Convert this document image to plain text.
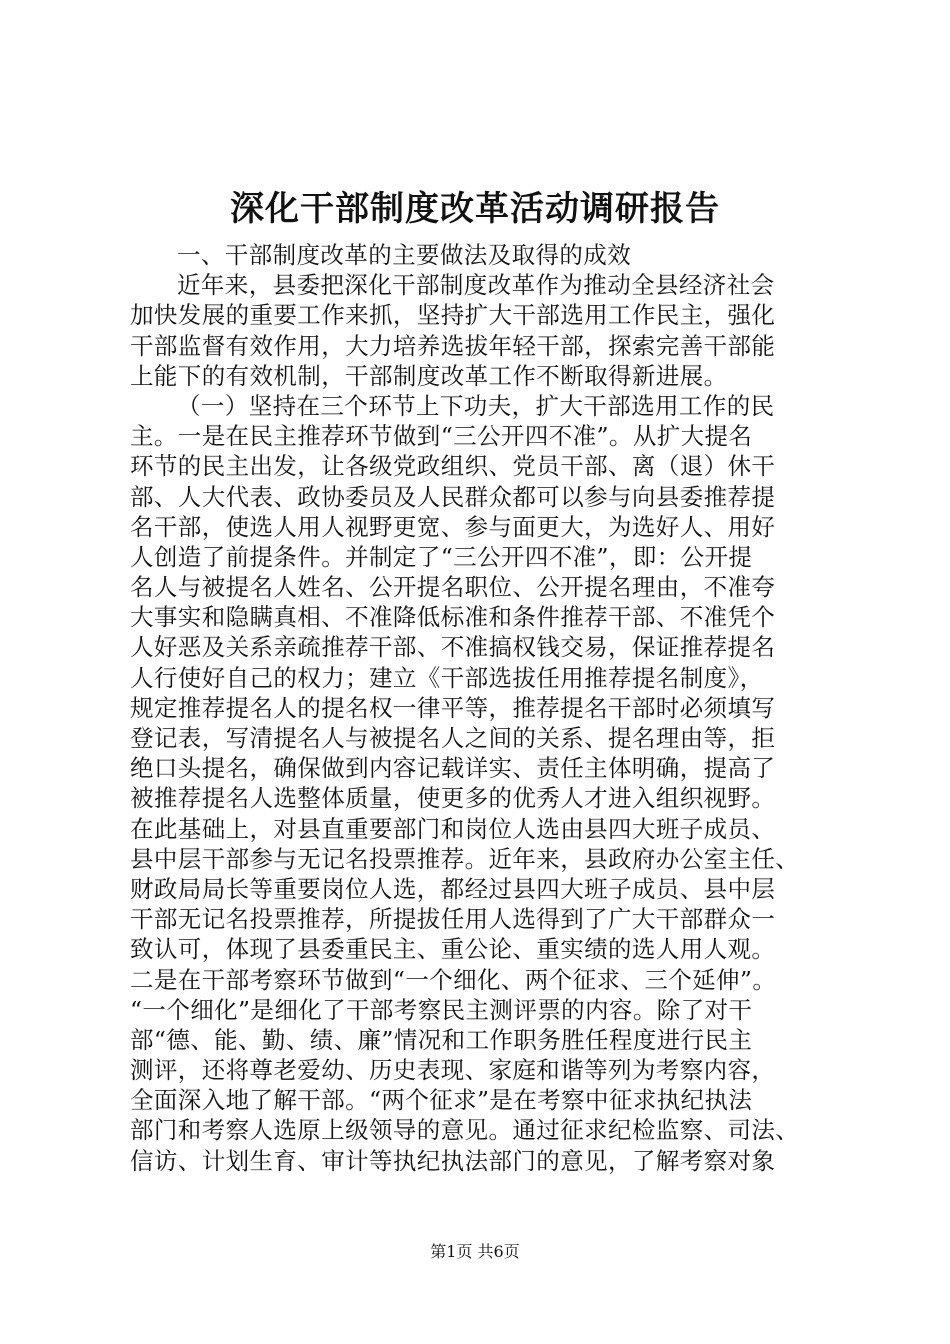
深化干部制度改革活动调研报告
一、干部制度改革的主要做法及取得的成效
近年来，县委把深化干部制度改革作为推动全县经济社会
加快发展的重要工作来抓，坚持扩大干部选用工作民主，强化
干部监督有效作用，大力培养选拔年轻干部，探索完善干部能
上能下的有效机制，干部制度改革工作不断取得新进展。
（一）坚持在三个环节上下功夫，扩大干部选用工作的民
主。一是在民主推荐环节做到“三公开四不准”。从扩大提名
环节的民主出发，让各级党政组织、党员干部、离（退）休干
部、人大代表、政协委员及人民群众都可以参与向县委推荐提
名干部，使选人用人视野更宽、参与面更大，为选好人、用好
人创造了前提条件。并制定了“三公开四不准”，即：公开提
名人与被提名人姓名、公开提名职位、公开提名理由，不准夸
大事实和隐瞒真相、不准降低标准和条件推荐干部、不准凭个
人好恶及关系亲疏推荐干部、不准搞权钱交易，保证推荐提名
人行使好自己的权力；建立《干部选拔任用推荐提名制度》，
规定推荐提名人的提名权一律平等，推荐提名干部时必须填写
登记表，写清提名人与被提名人之间的关系、提名理由等，拒
绝口头提名，确保做到内容记载详实、责任主体明确，提高了
被推荐提名人选整体质量，使更多的优秀人才进入组织视野。
在此基础上，对县直重要部门和岗位人选由县四大班子成员、
县中层干部参与无记名投票推荐。近年来，县政府办公室主任、
财政局局长等重要岗位人选，都经过县四大班子成员、县中层
干部无记名投票推荐，所提拔任用人选得到了广大干部群众一
致认可，体现了县委重民主、重公论、重实绩的选人用人观。
二是在干部考察环节做到“一个细化、两个征求、三个延伸”。
“一个细化”是细化了干部考察民主测评票的内容。除了对干
部“德、能、勤、绩、廉”情况和工作职务胜任程度进行民主
测评，还将尊老爱幼、历史表现、家庭和谐等列为考察内容，
全面深入地了解干部。“两个征求”是在考察中征求执纪执法
部门和考察人选原上级领导的意见。通过征求纪检监察、司法、
信访、计划生育、审计等执纪执法部门的意见，了解考察对象
第1页 共6页
